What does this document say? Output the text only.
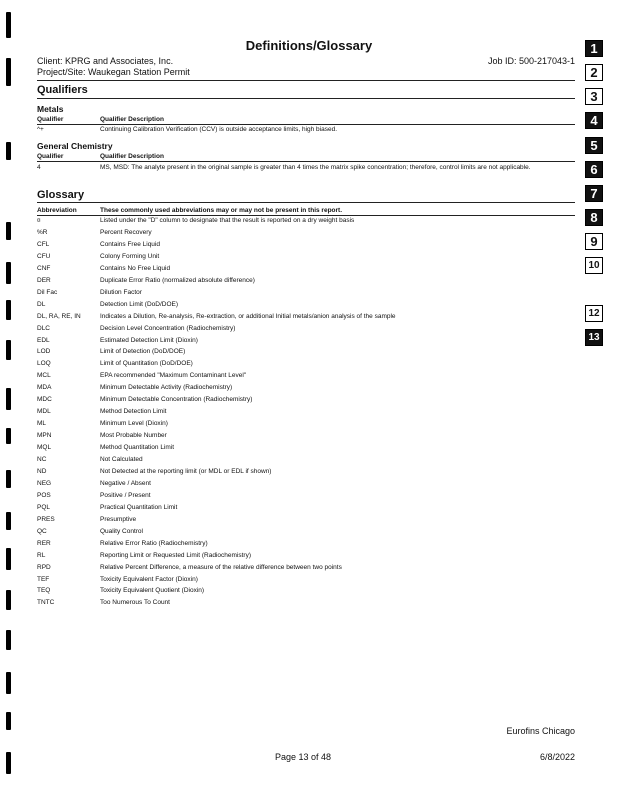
1
2
3
4
5
6
7
8
9
10
12
13
Definitions/Glossary
Client: KPRG and Associates, Inc.	Job ID: 500-217043-1
Project/Site: Waukegan Station Permit
Qualifiers
Metals
Qualifier	Qualifier Description
^+	Continuing Calibration Verification (CCV) is outside acceptance limits, high biased.
General Chemistry
Qualifier	Qualifier Description
4	MS, MSD: The analyte present in the original sample is greater than 4 times the matrix spike concentration; therefore, control limits are not applicable.
Glossary
Abbreviation	These commonly used abbreviations may or may not be present in this report.
¤	Listed under the "D" column to designate that the result is reported on a dry weight basis
%R	Percent Recovery
CFL	Contains Free Liquid
CFU	Colony Forming Unit
CNF	Contains No Free Liquid
DER	Duplicate Error Ratio (normalized absolute difference)
Dil Fac	Dilution Factor
DL	Detection Limit (DoD/DOE)
DL, RA, RE, IN	Indicates a Dilution, Re-analysis, Re-extraction, or additional Initial metals/anion analysis of the sample
DLC	Decision Level Concentration (Radiochemistry)
EDL	Estimated Detection Limit (Dioxin)
LOD	Limit of Detection (DoD/DOE)
LOQ	Limit of Quantitation (DoD/DOE)
MCL	EPA recommended "Maximum Contaminant Level"
MDA	Minimum Detectable Activity (Radiochemistry)
MDC	Minimum Detectable Concentration (Radiochemistry)
MDL	Method Detection Limit
ML	Minimum Level (Dioxin)
MPN	Most Probable Number
MQL	Method Quantitation Limit
NC	Not Calculated
ND	Not Detected at the reporting limit (or MDL or EDL if shown)
NEG	Negative / Absent
POS	Positive / Present
PQL	Practical Quantitation Limit
PRES	Presumptive
QC	Quality Control
RER	Relative Error Ratio (Radiochemistry)
RL	Reporting Limit or Requested Limit (Radiochemistry)
RPD	Relative Percent Difference, a measure of the relative difference between two points
TEF	Toxicity Equivalent Factor (Dioxin)
TEQ	Toxicity Equivalent Quotient (Dioxin)
TNTC	Too Numerous To Count
Eurofins Chicago
Page 13 of 48	6/8/2022
